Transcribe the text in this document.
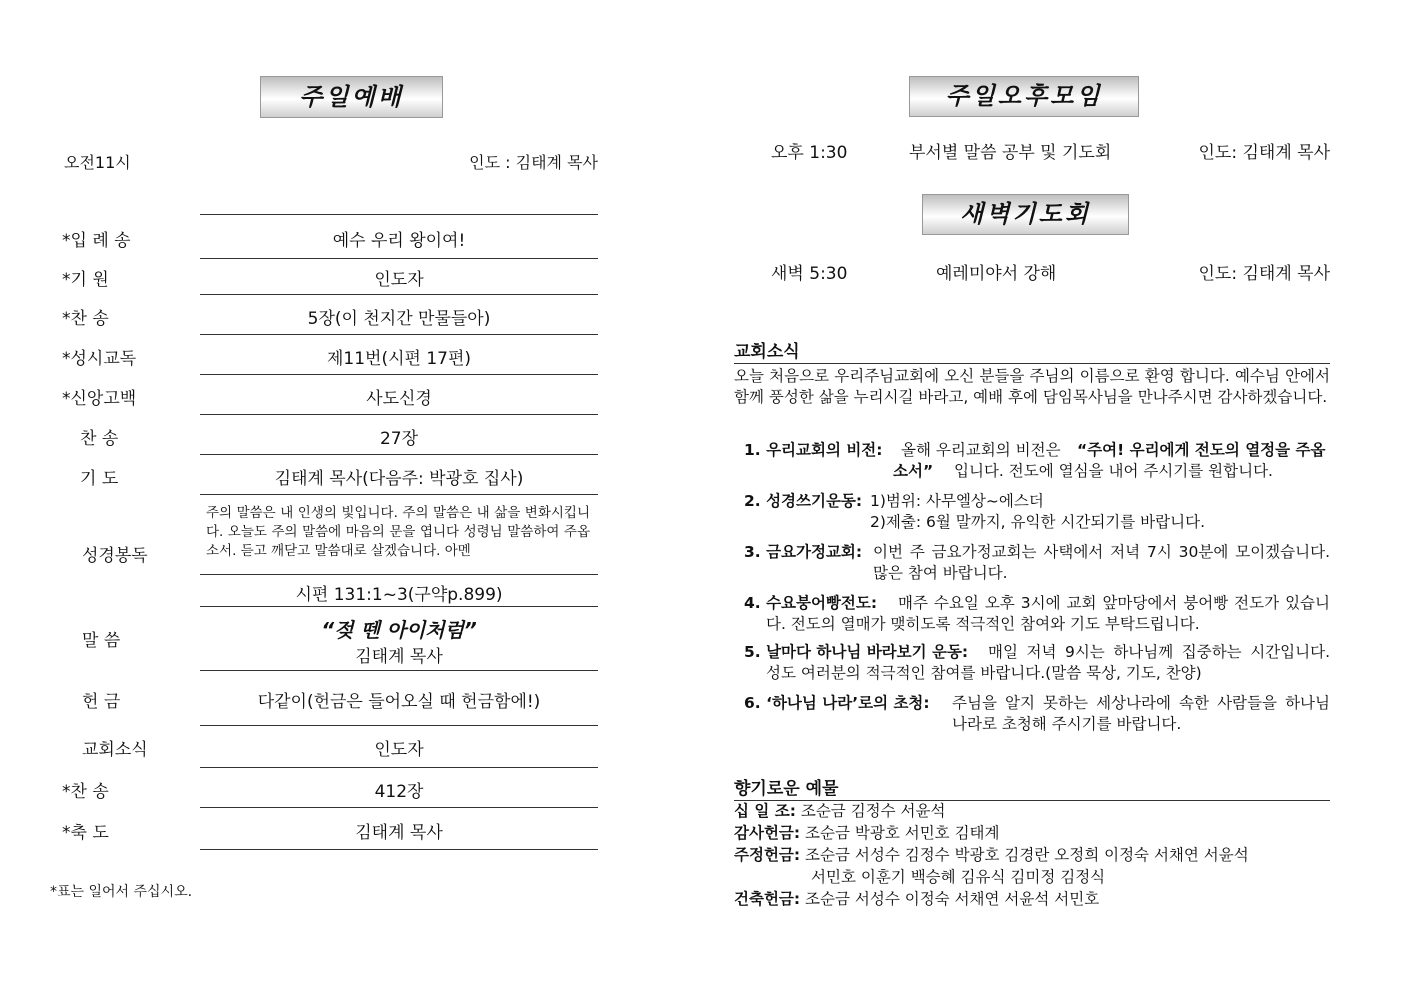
주일예배
오전11시	인도 : 김태계 목사
*입 례 송	예수 우리 왕이여!
*기 원	인도자
*찬 송	5장(이 천지간 만물들아)
*성시교독	제11번(시편 17편)
*신앙고백	사도신경
찬 송	27장
기 도	김태계 목사(다음주: 박광호 집사)
성경봉독
주의 말씀은 내 인생의 빛입니다. 주의 말씀은 내 삶을 변화시킵니다. 오늘도 주의 말씀에 마음의 문을 엽니다 성령님 말씀하여 주옵소서. 듣고 깨닫고 말씀대로 살겠습니다. 아멘
시편 131:1~3(구약p.899)
말 씀	“젖 뗀 아이처럼”
김태계 목사
헌 금	다같이(헌금은 들어오실 때 헌금함에!)
교회소식	인도자
*찬 송	412장
*축 도	김태계 목사
*표는 일어서 주십시오.
주일오후모임
오후 1:30	부서별 말씀 공부 및 기도회	인도: 김태계 목사
새벽기도회
새벽 5:30	예레미야서 강해	인도: 김태계 목사
교회소식
오늘 처음으로 우리주님교회에 오신 분들을 주님의 이름으로 환영 합니다. 예수님 안에서 함께 풍성한 삶을 누리시길 바라고, 예배 후에 담임목사님을 만나주시면 감사하겠습니다.
1. 우리교회의 비전: 올해 우리교회의 비전은	“주여! 우리에게 전도의 열정을 주옵소서”	입니다. 전도에 열심을 내어 주시기를 원합니다.
2. 성경쓰기운동: 1)범위: 사무엘상~에스더
2)제출: 6월 말까지, 유익한 시간되기를 바랍니다.
3. 금요가정교회: 이번 주 금요가정교회는 사택에서 저녁 7시 30분에 모이겠습니다. 많은 참여 바랍니다.
4. 수요붕어빵전도:	매주 수요일 오후 3시에 교회 앞마당에서 붕어빵 전도가 있습니다. 전도의 열매가 맺히도록 적극적인 참여와 기도 부탁드립니다.
5. 날마다 하나님 바라보기 운동:	매일 저녁 9시는 하나님께 집중하는 시간입니다. 성도 여러분의 적극적인 참여를 바랍니다.(말씀 묵상, 기도, 찬양)
6. ‘하나님 나라’로의 초청: 주님을 알지 못하는 세상나라에 속한 사람들을 하나님 나라로 초청해 주시기를 바랍니다.
향기로운 예물
십 일 조: 조순금 김정수 서윤석
감사헌금: 조순금 박광호 서민호 김태계
주정헌금: 조순금 서성수 김정수 박광호 김경란 오정희 이정숙 서채연 서윤석
서민호 이훈기 백승혜 김유식 김미정 김정식
건축헌금: 조순금 서성수 이정숙 서채연 서윤석 서민호
